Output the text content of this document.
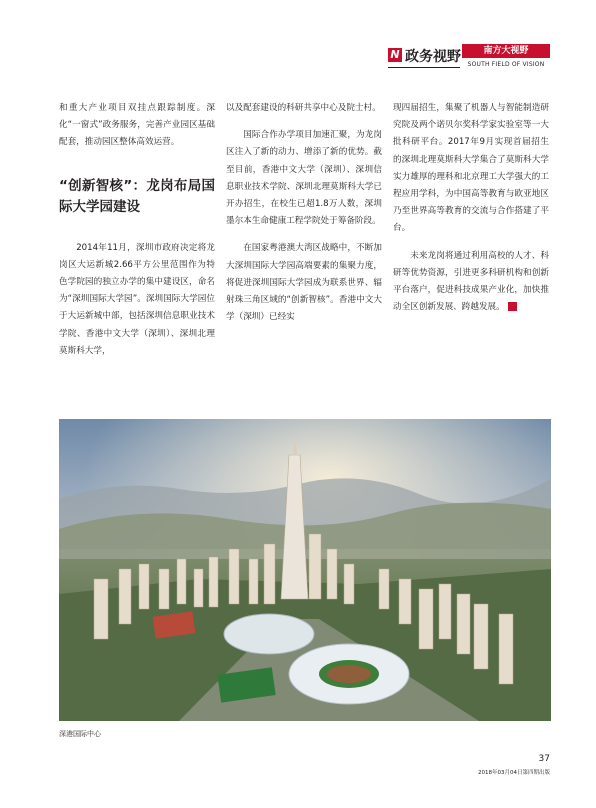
N 政务视野	南方大视野
SOUTH FIELD OF VISION

和重大产业项目双挂点跟踪制度。深化“一窗式”政务服务，完善产业园区基础配套，推动园区整体高效运营。

“创新智核”：龙岗布局国际大学园建设

2014年11月，深圳市政府决定将龙岗区大运新城2.66平方公里范围作为特色学院园的独立办学的集中建设区，命名为“深圳国际大学园”。深圳国际大学园位于大运新城中部，包括深圳信息职业技术学院、香港中文大学（深圳）、深圳北理莫斯科大学，

以及配套建设的科研共享中心及院士村。

国际合作办学项目加速汇聚，为龙岗区注入了新的动力、增添了新的优势。截至目前，香港中文大学（深圳）、深圳信息职业技术学院、深圳北理莫斯科大学已开办招生，在校生已超1.8万人数，深圳墨尔本生命健康工程学院处于筹备阶段。

在国家粤港澳大湾区战略中，不断加大深圳国际大学园高端要素的集聚力度，将促进深圳国际大学园成为联系世界、辐射珠三角区域的“创新智核”。香港中文大学（深圳）已经实

现四届招生，集聚了机器人与智能制造研究院及两个诺贝尔奖科学家实验室等一大批科研平台。2017年9月实现首届招生的深圳北理莫斯科大学集合了莫斯科大学实力雄厚的理科和北京理工大学强大的工程应用学科，为中国高等教育与欧亚地区乃至世界高等教育的交流与合作搭建了平台。

未来龙岗将通过利用高校的人才、科研等优势资源，引进更多科研机构和创新平台落户，促进科技成果产业化，加快推动全区创新发展、跨越发展。	N

深港国际中心
37
2018年03月04日第四期出版
